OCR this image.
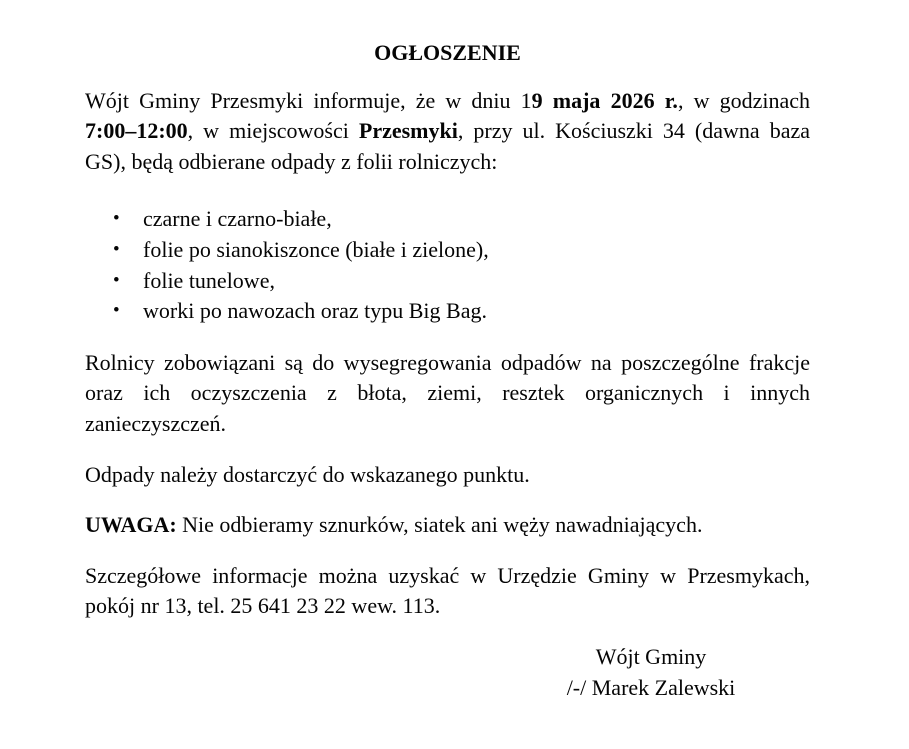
OGŁOSZENIE

Wójt Gminy Przesmyki informuje, że w dniu 19 maja 2026 r., w godzinach 7:00–12:00, w miejscowości Przesmyki, przy ul. Kościuszki 34 (dawna baza GS), będą odbierane odpady z folii rolniczych:

• czarne i czarno-białe,
• folie po sianokiszonce (białe i zielone),
• folie tunelowe,
• worki po nawozach oraz typu Big Bag.

Rolnicy zobowiązani są do wysegregowania odpadów na poszczególne frakcje oraz ich oczyszczenia z błota, ziemi, resztek organicznych i innych zanieczyszczeń.

Odpady należy dostarczyć do wskazanego punktu.

UWAGA: Nie odbieramy sznurków, siatek ani węży nawadniających.

Szczegółowe informacje można uzyskać w Urzędzie Gminy w Przesmykach, pokój nr 13, tel. 25 641 23 22 wew. 113.

Wójt Gminy
/-/ Marek Zalewski
